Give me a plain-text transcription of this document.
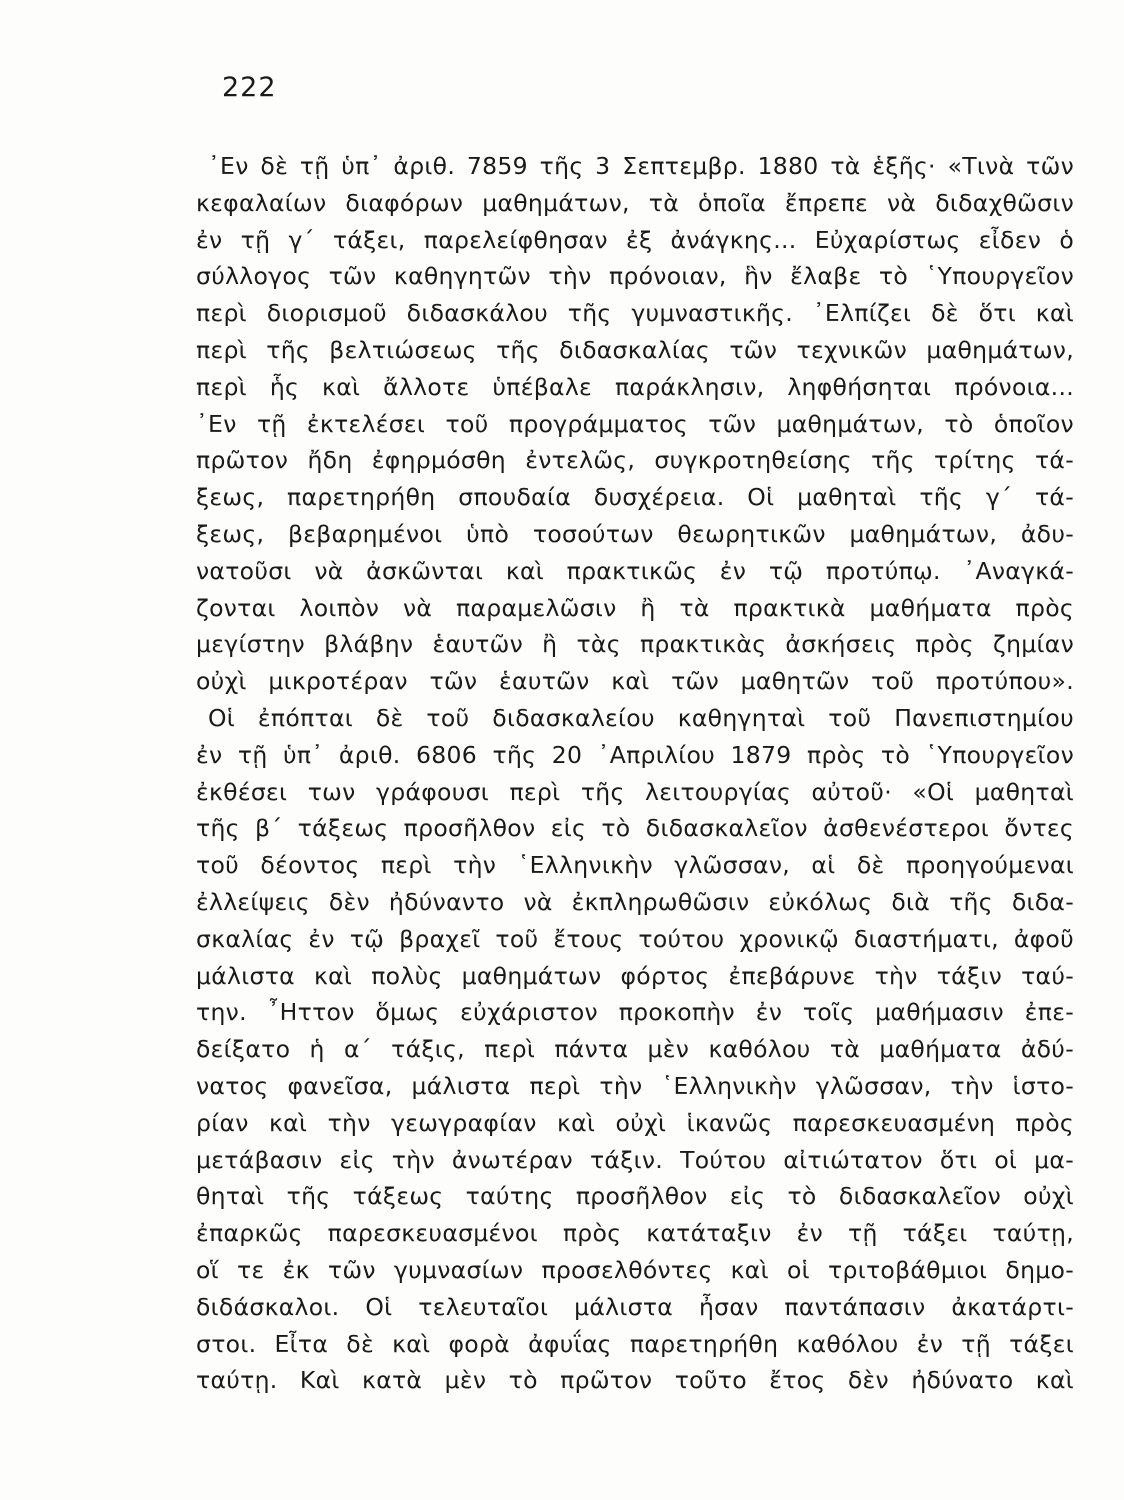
222
᾿Εν δὲ τῇ ὑπ᾿ ἀριθ. 7859 τῆς 3 Σεπτεμβρ. 1880 τὰ ἑξῆς· «Τινὰ τῶν
κεφαλαίων διαφόρων μαθημάτων, τὰ ὁποῖα ἔπρεπε νὰ διδαχθῶσιν
ἐν τῇ γ´ τάξει, παρελείφθησαν ἐξ ἀνάγκης... Εὐχαρίστως εἶδεν ὁ
σύλλογος τῶν καθηγητῶν τὴν πρόνοιαν, ἣν ἔλαβε τὸ ῾Υπουργεῖον
περὶ διορισμοῦ διδασκάλου τῆς γυμναστικῆς. ᾿Ελπίζει δὲ ὅτι καὶ
περὶ τῆς βελτιώσεως τῆς διδασκαλίας τῶν τεχνικῶν μαθημάτων,
περὶ ἧς καὶ ἄλλοτε ὑπέβαλε παράκλησιν, ληφθήσηται πρόνοια...
᾿Εν τῇ ἐκτελέσει τοῦ προγράμματος τῶν μαθημάτων, τὸ ὁποῖον
πρῶτον ἤδη ἐφηρμόσθη ἐντελῶς, συγκροτηθείσης τῆς τρίτης τά-
ξεως, παρετηρήθη σπουδαία δυσχέρεια. Οἱ μαθηταὶ τῆς γ´ τά-
ξεως, βεβαρημένοι ὑπὸ τοσούτων θεωρητικῶν μαθημάτων, ἀδυ-
νατοῦσι νὰ ἀσκῶνται καὶ πρακτικῶς ἐν τῷ προτύπῳ. ᾿Αναγκά-
ζονται λοιπὸν νὰ παραμελῶσιν ἢ τὰ πρακτικὰ μαθήματα πρὸς
μεγίστην βλάβην ἑαυτῶν ἢ τὰς πρακτικὰς ἀσκήσεις πρὸς ζημίαν
οὐχὶ μικροτέραν τῶν ἑαυτῶν καὶ τῶν μαθητῶν τοῦ προτύπου».
Οἱ ἐπόπται δὲ τοῦ διδασκαλείου καθηγηταὶ τοῦ Πανεπιστημίου
ἐν τῇ ὑπ᾿ ἀριθ. 6806 τῆς 20 ᾿Απριλίου 1879 πρὸς τὸ ῾Υπουργεῖον
ἐκθέσει των γράφουσι περὶ τῆς λειτουργίας αὐτοῦ· «Οἱ μαθηταὶ
τῆς β´ τάξεως προσῆλθον εἰς τὸ διδασκαλεῖον ἀσθενέστεροι ὄντες
τοῦ δέοντος περὶ τὴν ῾Ελληνικὴν γλῶσσαν, αἱ δὲ προηγούμεναι
ἐλλείψεις δὲν ἠδύναντο νὰ ἐκπληρωθῶσιν εὐκόλως διὰ τῆς διδα-
σκαλίας ἐν τῷ βραχεῖ τοῦ ἔτους τούτου χρονικῷ διαστήματι, ἀφοῦ
μάλιστα καὶ πολὺς μαθημάτων φόρτος ἐπεβάρυνε τὴν τάξιν ταύ-
την. ῏Ηττον ὅμως εὐχάριστον προκοπὴν ἐν τοῖς μαθήμασιν ἐπε-
δείξατο ἡ α´ τάξις, περὶ πάντα μὲν καθόλου τὰ μαθήματα ἀδύ-
νατος φανεῖσα, μάλιστα περὶ τὴν ῾Ελληνικὴν γλῶσσαν, τὴν ἱστο-
ρίαν καὶ τὴν γεωγραφίαν καὶ οὐχὶ ἱκανῶς παρεσκευασμένη πρὸς
μετάβασιν εἰς τὴν ἀνωτέραν τάξιν. Τούτου αἰτιώτατον ὅτι οἱ μα-
θηταὶ τῆς τάξεως ταύτης προσῆλθον εἰς τὸ διδασκαλεῖον οὐχὶ
ἐπαρκῶς παρεσκευασμένοι πρὸς κατάταξιν ἐν τῇ τάξει ταύτῃ,
οἵ τε ἐκ τῶν γυμνασίων προσελθόντες καὶ οἱ τριτοβάθμιοι δημο-
διδάσκαλοι. Οἱ τελευταῖοι μάλιστα ἦσαν παντάπασιν ἀκατάρτι-
στοι. Εἶτα δὲ καὶ φορὰ ἀφυΐας παρετηρήθη καθόλου ἐν τῇ τάξει
ταύτῃ. Καὶ κατὰ μὲν τὸ πρῶτον τοῦτο ἔτος δὲν ἠδύνατο καὶ
